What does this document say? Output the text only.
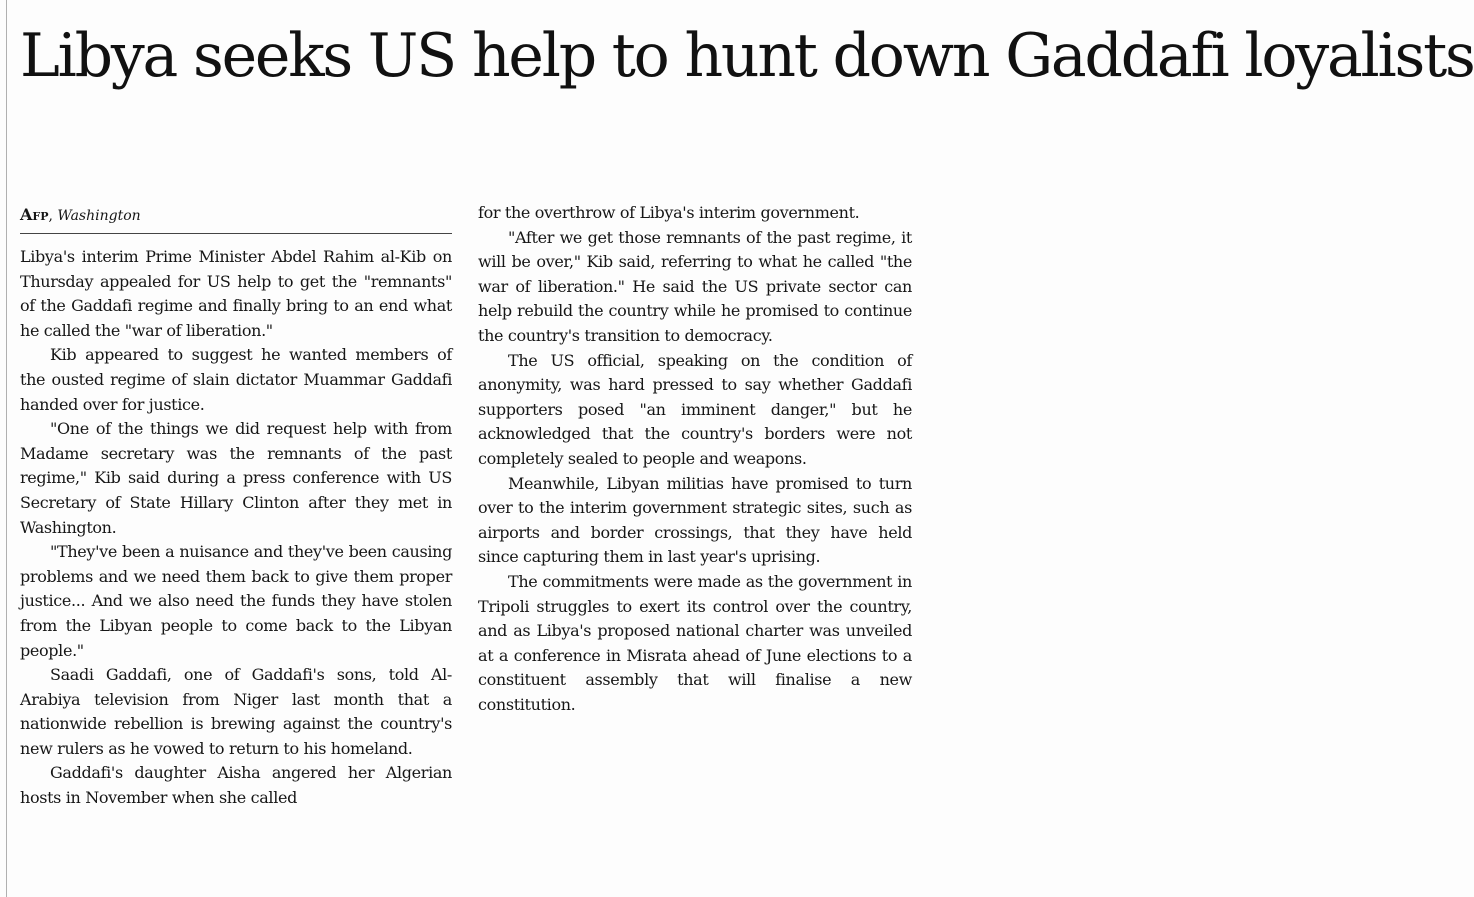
Libya seeks US help to hunt down Gaddafi loyalists
Afp, Washington

Libya's interim Prime Minister Abdel Rahim al-Kib on Thursday appealed for US help to get the "remnants" of the Gaddafi regime and finally bring to an end what he called the "war of liberation."

Kib appeared to suggest he wanted members of the ousted regime of slain dictator Muammar Gaddafi handed over for justice.

"One of the things we did request help with from Madame secretary was the remnants of the past regime," Kib said during a press conference with US Secretary of State Hillary Clinton after they met in Washington.

"They've been a nuisance and they've been causing problems and we need them back to give them proper justice... And we also need the funds they have stolen from the Libyan people to come back to the Libyan people."

Saadi Gaddafi, one of Gaddafi's sons, told Al-Arabiya television from Niger last month that a nationwide rebellion is brewing against the country's new rulers as he vowed to return to his homeland.

Gaddafi's daughter Aisha angered her Algerian hosts in November when she called

for the overthrow of Libya's interim government.

"After we get those remnants of the past regime, it will be over," Kib said, referring to what he called "the war of liberation." He said the US private sector can help rebuild the country while he promised to continue the country's transition to democracy.

The US official, speaking on the condition of anonymity, was hard pressed to say whether Gaddafi supporters posed "an imminent danger," but he acknowledged that the country's borders were not completely sealed to people and weapons.

Meanwhile, Libyan militias have promised to turn over to the interim government strategic sites, such as airports and border crossings, that they have held since capturing them in last year's uprising.

The commitments were made as the government in Tripoli struggles to exert its control over the country, and as Libya's proposed national charter was unveiled at a conference in Misrata ahead of June elections to a constituent assembly that will finalise a new constitution.
